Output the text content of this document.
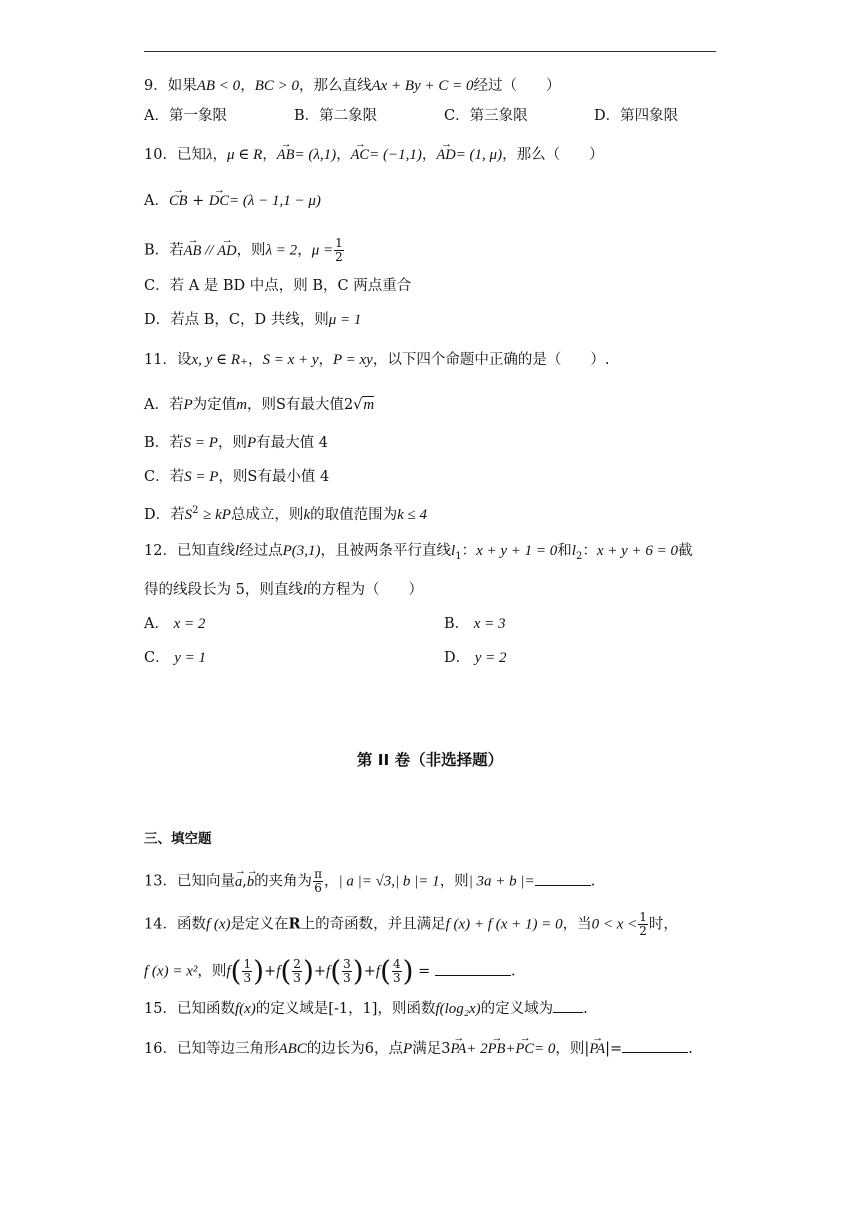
9．如果AB < 0，BC > 0，那么直线Ax + By + C = 0经过（　　）
A．第一象限	B．第二象限	C．第三象限	D．第四象限
10．已知λ，μ ∈ R，→ AB= (λ,1)，→ AC= (−1,1)，→ AD= (1, μ)，那么（　　）
A．→ CB + → DC= (λ − 1,1 − μ)
B．若→ AB // → AD，则λ = 2，$\mu = \frac{1}{2}$
C．若 A 是 BD 中点，则 B，C 两点重合
D．若点 B，C，D 共线，则μ = 1
11．设x, y ∈ R₊，S = x + y，P = xy，以下四个命题中正确的是（　　）.
A．若P为定值m，则S有最大值2√m
B．若S = P，则P有最大值 4
C．若S = P，则S有最小值 4
D．若$S^2$ ≥ kP总成立，则k的取值范围为k ≤ 4
12．已知直线l经过点P(3,1)，且被两条平行直线$l_1$：x + y + 1 = 0和$l_2$：x + y + 6 = 0截
得的线段长为 5，则直线l的方程为（　　）
A． x = 2	B． x = 3
C． y = 1	D． y = 2
第 II 卷（非选择题）
三、填空题
13．已知向量→ a,→ b的夹角为 $\frac{\pi}{6}$ ，| a |= √3,| b |= 1，则| 3a + b |=	.
14．函数f (x)是定义在R上的奇函数，并且满足f (x) + f (x + 1) = 0，当$0 < x < \frac{1}{2}$ 时，
f (x) = x²，则$f( \frac{1}{3} )+f( \frac{2}{3} )+f( \frac{3}{3} )+f( \frac{4}{3}$ ) =	.
15．已知函数f(x)的定义域是[-1，1]，则函数f(log₂x)的定义域为 .
16．已知等边三角形ABC的边长为6，点P满足3→ PA+ 2→ PB+→ PC= 0，则|→ PA|=	.
